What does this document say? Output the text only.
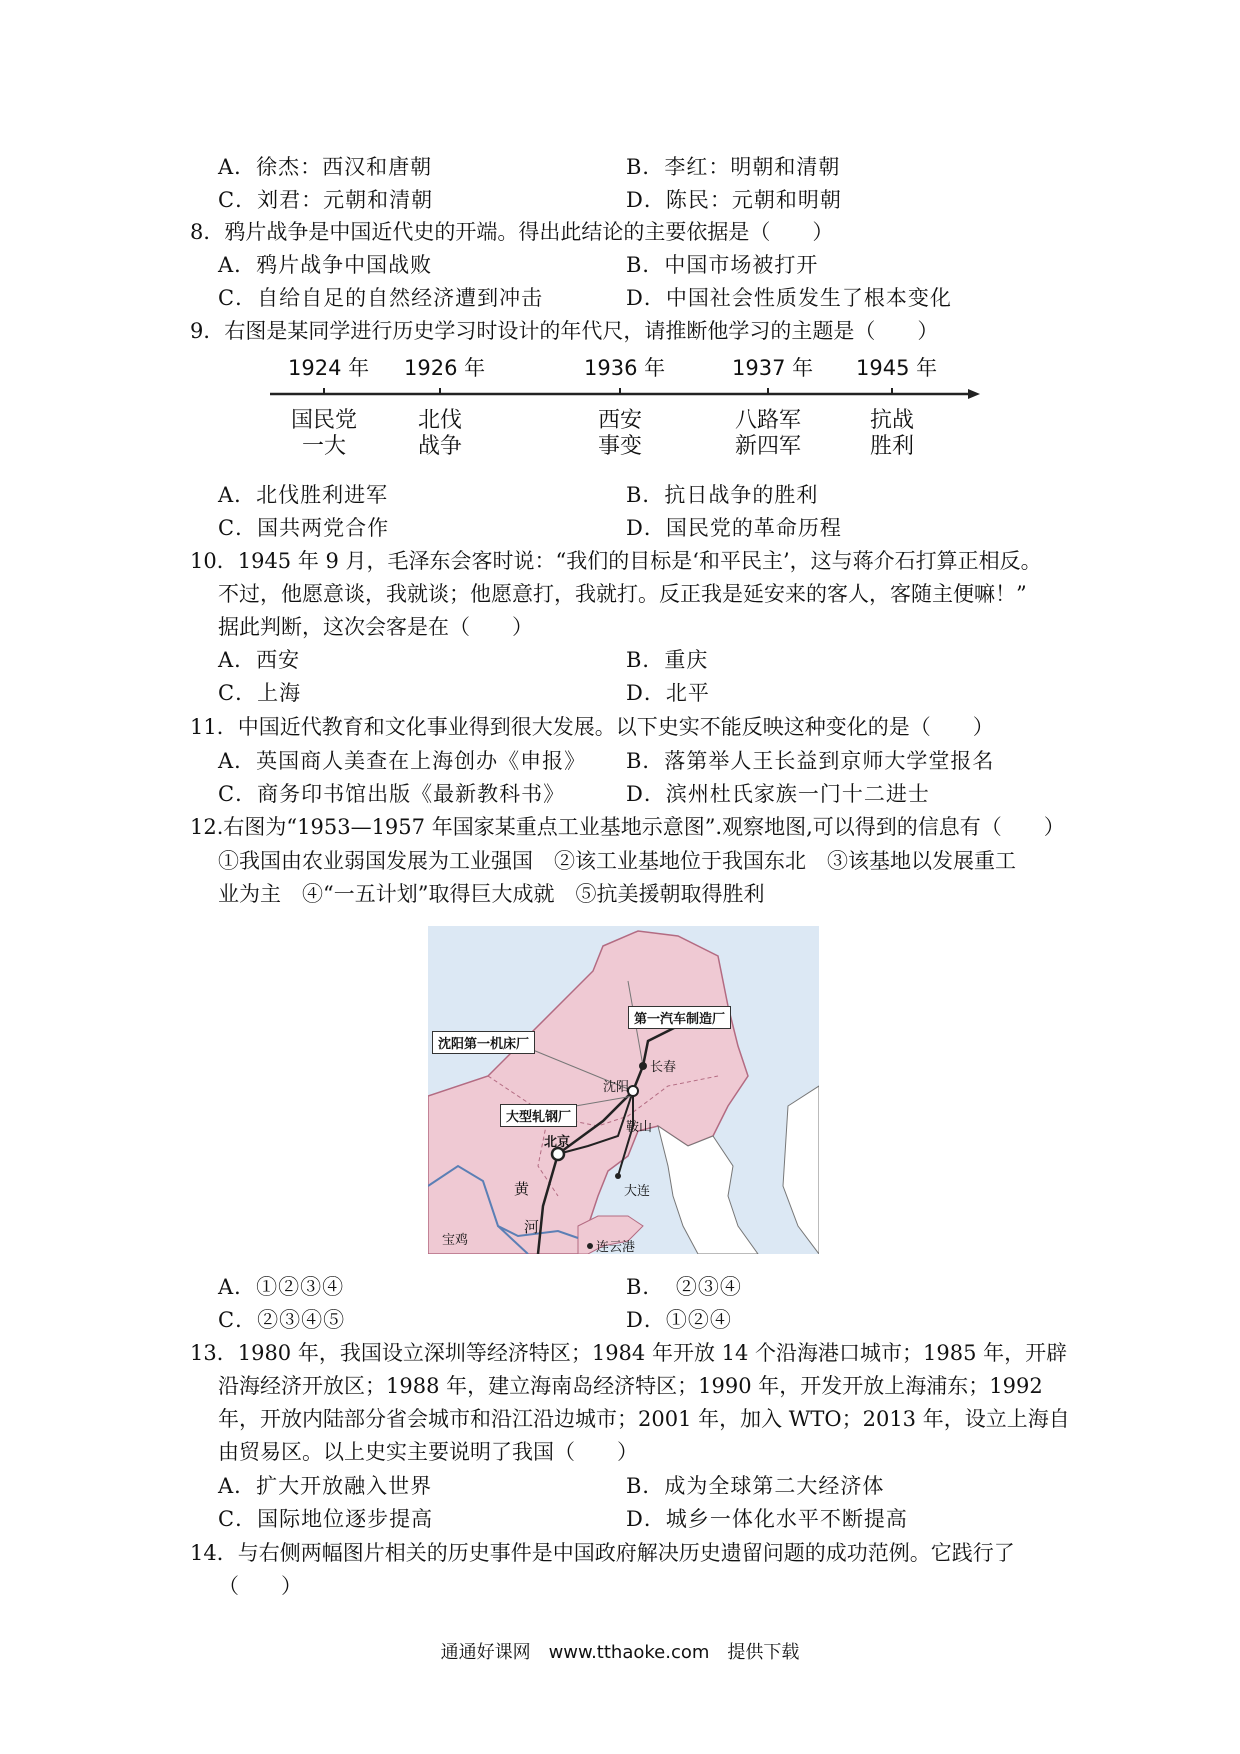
A．徐杰：西汉和唐朝	B．李红：明朝和清朝
C．刘君：元朝和清朝	D．陈民：元朝和明朝
8．鸦片战争是中国近代史的开端。得出此结论的主要依据是（　　）
A．鸦片战争中国战败	B．中国市场被打开
C．自给自足的自然经济遭到冲击	D．中国社会性质发生了根本变化
9．右图是某同学进行历史学习时设计的年代尺，请推断他学习的主题是（　　）
1924 年 1926 年	1936 年	1937 年 1945 年
国民党
一大
北伐
战争
西安
事变
八路军
新四军
抗战
胜利
A．北伐胜利进军	B．抗日战争的胜利
C．国共两党合作	D．国民党的革命历程
10．1945 年 9 月，毛泽东会客时说：“我们的目标是‘和平民主’，这与蒋介石打算正相反。
不过，他愿意谈，我就谈；他愿意打，我就打。反正我是延安来的客人，客随主便嘛！”
据此判断，这次会客是在（　　）
A．西安	B．重庆
C．上海	D．北平
11．中国近代教育和文化事业得到很大发展。以下史实不能反映这种变化的是（　　）
A．英国商人美查在上海创办《申报》 B．落第举人王长益到京师大学堂报名
C．商务印书馆出版《最新教科书》	D．滨州杜氏家族一门十二进士
12.右图为“1953—1957 年国家某重点工业基地示意图”.观察地图,可以得到的信息有（　　）
①我国由农业弱国发展为工业强国　②该工业基地位于我国东北　③该基地以发展重工
业为主　④“一五计划”取得巨大成就　⑤抗美援朝取得胜利
第一汽车制造厂
沈阳第一机床厂
大型轧钢厂
长春
沈阳
鞍山
北京
大连
宝鸡	连云港
黄
河
A．①②③④	B．　②③④
C．②③④⑤	D．①②④
13．1980 年，我国设立深圳等经济特区；1984 年开放 14 个沿海港口城市；1985 年，开辟
沿海经济开放区；1988 年，建立海南岛经济特区；1990 年，开发开放上海浦东；1992
年，开放内陆部分省会城市和沿江沿边城市；2001 年，加入 WTO；2013 年，设立上海自
由贸易区。以上史实主要说明了我国（　　）
A．扩大开放融入世界	B．成为全球第二大经济体
C．国际地位逐步提高	D．城乡一体化水平不断提高
14．与右侧两幅图片相关的历史事件是中国政府解决历史遗留问题的成功范例。它践行了
（　　）
通通好课网　www.tthaoke.com　提供下载
